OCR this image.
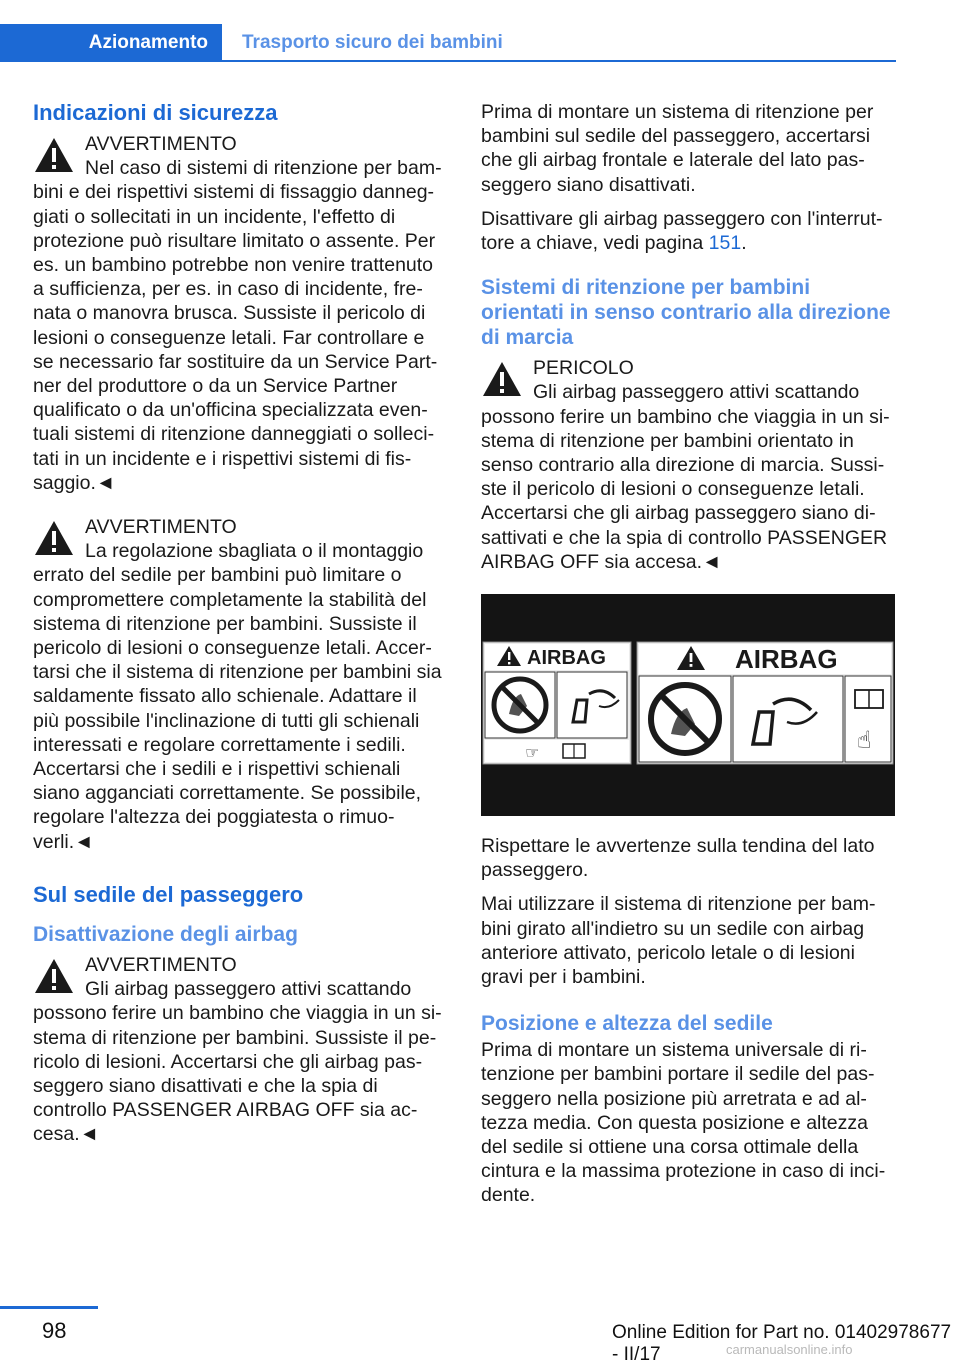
Azionamento	Trasporto sicuro dei bambini
Indicazioni di sicurezza
AVVERTIMENTO
Nel caso di sistemi di ritenzione per bambini e dei rispettivi sistemi di fissaggio danneggiati o sollecitati in un incidente, l'effetto di protezione può risultare limitato o assente. Per es. un bambino potrebbe non venire trattenuto a sufficienza, per es. in caso di incidente, frenata o manovra brusca. Sussiste il pericolo di lesioni o conseguenze letali. Far controllare e se necessario far sostituire da un Service Partner del produttore o da un Service Partner qualificato o da un'officina specializzata eventuali sistemi di ritenzione danneggiati o sollecitati in un incidente e i rispettivi sistemi di fissaggio.◄
AVVERTIMENTO
La regolazione sbagliata o il montaggio errato del sedile per bambini può limitare o compromettere completamente la stabilità del sistema di ritenzione per bambini. Sussiste il pericolo di lesioni o conseguenze letali. Accertarsi che il sistema di ritenzione per bambini sia saldamente fissato allo schienale. Adattare il più possibile l'inclinazione di tutti gli schienali interessati e regolare correttamente i sedili. Accertarsi che i sedili e i rispettivi schienali siano agganciati correttamente. Se possibile, regolare l'altezza dei poggiatesta o rimuoverli.◄
Sul sedile del passeggero
Disattivazione degli airbag
AVVERTIMENTO
Gli airbag passeggero attivi scattando possono ferire un bambino che viaggia in un sistema di ritenzione per bambini. Sussiste il pericolo di lesioni. Accertarsi che gli airbag passeggero siano disattivati e che la spia di controllo PASSENGER AIRBAG OFF sia accesa.◄

Prima di montare un sistema di ritenzione per bambini sul sedile del passeggero, accertarsi che gli airbag frontale e laterale del lato passeggero siano disattivati.

Disattivare gli airbag passeggero con l'interruttore a chiave, vedi pagina 151.

Sistemi di ritenzione per bambini orientati in senso contrario alla direzione di marcia
PERICOLO
Gli airbag passeggero attivi scattando possono ferire un bambino che viaggia in un sistema di ritenzione per bambini orientato in senso contrario alla direzione di marcia. Sussiste il pericolo di lesioni o conseguenze letali. Accertarsi che gli airbag passeggero siano disattivati e che la spia di controllo PASSENGER AIRBAG OFF sia accesa.◄
AIRBAG
☞
AIRBAG
☝

Rispettare le avvertenze sulla tendina del lato passeggero.

Mai utilizzare il sistema di ritenzione per bambini girato all'indietro su un sedile con airbag anteriore attivato, pericolo letale o di lesioni gravi per i bambini.

Posizione e altezza del sedile

Prima di montare un sistema universale di ritenzione per bambini portare il sedile del passeggero nella posizione più arretrata e ad altezza media. Con questa posizione e altezza del sedile si ottiene una corsa ottimale della cintura e la massima protezione in caso di incidente.

98	Online Edition for Part no. 01402978677 - II/17	carmanualsonline.info
